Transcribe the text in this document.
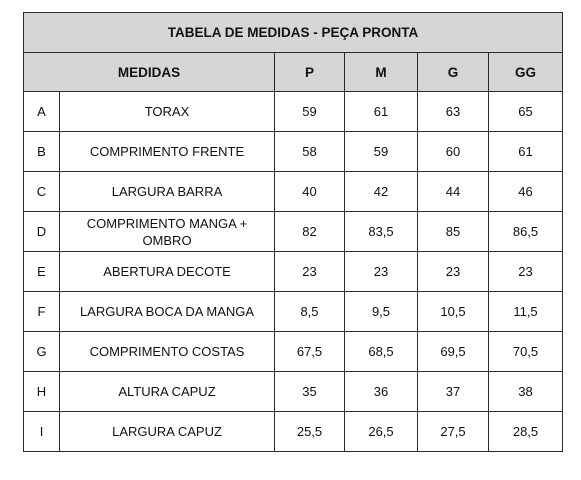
TABELA DE MEDIDAS - PEÇA PRONTA					
MEDIDAS		P	M	G	GG
A	TORAX	59	61	63	65
B	COMPRIMENTO FRENTE	58	59	60	61
C	LARGURA BARRA	40	42	44	46
D	COMPRIMENTO MANGA + OMBRO	82	83,5	85	86,5
E	ABERTURA DECOTE	23	23	23	23
F	LARGURA BOCA DA MANGA	8,5	9,5	10,5	11,5
G	COMPRIMENTO COSTAS	67,5	68,5	69,5	70,5
H	ALTURA CAPUZ	35	36	37	38
I	LARGURA CAPUZ	25,5	26,5	27,5	28,5
